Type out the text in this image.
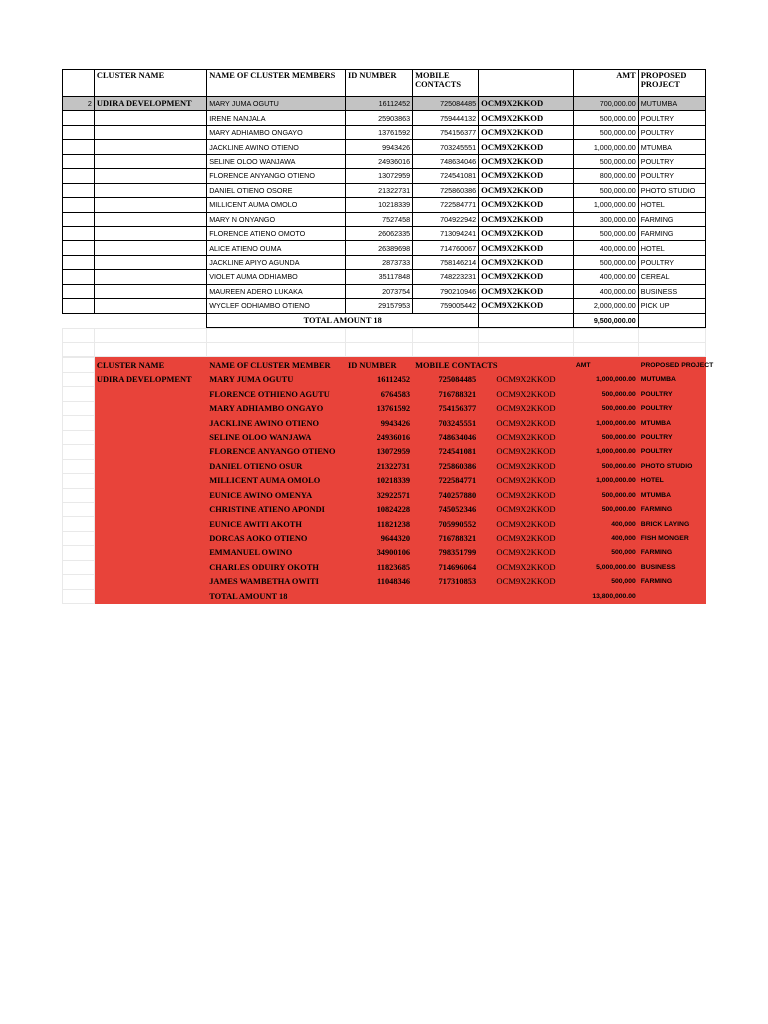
	CLUSTER NAME	NAME OF CLUSTER MEMBERS	ID NUMBER	MOBILE CONTACTS		AMT	PROPOSED PROJECT
2	UDIRA DEVELOPMENT	MARY JUMA OGUTU	16112452	725084485	OCM9X2KKOD	700,000.00	MUTUMBA
		IRENE NANJALA	25903863	759444132	OCM9X2KKOD	500,000.00	POULTRY
		MARY ADHIAMBO ONGAYO	13761592	754156377	OCM9X2KKOD	500,000.00	POULTRY
		JACKLINE AWINO OTIENO	9943426	703245551	OCM9X2KKOD	1,000,000.00	MTUMBA
		SELINE OLOO WANJAWA	24936016	748634046	OCM9X2KKOD	500,000.00	POULTRY
		FLORENCE ANYANGO OTIENO	13072959	724541081	OCM9X2KKOD	800,000.00	POULTRY
		DANIEL OTIENO OSORE	21322731	725860386	OCM9X2KKOD	500,000.00	PHOTO STUDIO
		MILLICENT AUMA OMOLO	10218339	722584771	OCM9X2KKOD	1,000,000.00	HOTEL
		MARY N ONYANGO	7527458	704922942	OCM9X2KKOD	300,000.00	FARMING
		FLORENCE ATIENO OMOTO	26062335	713094241	OCM9X2KKOD	500,000.00	FARMING
		ALICE ATIENO OUMA	26389698	714760067	OCM9X2KKOD	400,000.00	HOTEL
		JACKLINE APIYO AGUNDA	2873733	758146214	OCM9X2KKOD	500,000.00	POULTRY
		VIOLET AUMA ODHIAMBO	35117848	748223231	OCM9X2KKOD	400,000.00	CEREAL
		MAUREEN ADERO LUKAKA	2073754	790210946	OCM9X2KKOD	400,000.00	BUSINESS
		WYCLEF ODHIAMBO OTIENO	29157953	759005442	OCM9X2KKOD	2,000,000.00	PICK UP
		TOTAL AMOUNT 18				9,500,000.00	

	CLUSTER NAME	NAME OF CLUSTER MEMBER	ID NUMBER	MOBILE CONTACTS		AMT	PROPOSED PROJECT
	UDIRA DEVELOPMENT	MARY JUMA OGUTU	16112452	725084485	OCM9X2KKOD	1,000,000.00	MUTUMBA
		FLORENCE OTHIENO AGUTU	6764583	716788321	OCM9X2KKOD	500,000.00	POULTRY
		MARY ADHIAMBO ONGAYO	13761592	754156377	OCM9X2KKOD	500,000.00	POULTRY
		JACKLINE AWINO OTIENO	9943426	703245551	OCM9X2KKOD	1,000,000.00	MTUMBA
		SELINE OLOO WANJAWA	24936016	748634046	OCM9X2KKOD	500,000.00	POULTRY
		FLORENCE ANYANGO OTIENO	13072959	724541081	OCM9X2KKOD	1,000,000.00	POULTRY
		DANIEL OTIENO OSUR	21322731	725860386	OCM9X2KKOD	500,000.00	PHOTO STUDIO
		MILLICENT AUMA OMOLO	10218339	722584771	OCM9X2KKOD	1,000,000.00	HOTEL
		EUNICE AWINO OMENYA	32922571	740257880	OCM9X2KKOD	500,000.00	MTUMBA
		CHRISTINE ATIENO APONDI	10824228	745052346	OCM9X2KKOD	500,000.00	FARMING
		EUNICE AWITI AKOTH	11821238	705990552	OCM9X2KKOD	400,000	BRICK LAYING
		DORCAS AOKO OTIENO	9644320	716788321	OCM9X2KKOD	400,000	FISH MONGER
		EMMANUEL OWINO	34900106	798351799	OCM9X2KKOD	500,000	FARMING
		CHARLES ODUIRY OKOTH	11823685	714696064	OCM9X2KKOD	5,000,000.00	BUSINESS
		JAMES WAMBETHA OWITI	11048346	717310853	OCM9X2KKOD	500,000	FARMING
		TOTAL AMOUNT 18				13,800,000.00	
